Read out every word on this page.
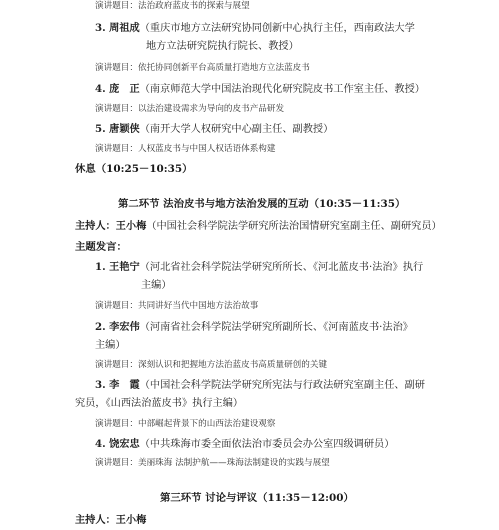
演讲题目：法治政府蓝皮书的探索与展望
3. 周祖成（重庆市地方立法研究协同创新中心执行主任，西南政法大学
地方立法研究院执行院长、教授）
演讲题目：依托协同创新平台高质量打造地方立法蓝皮书
4. 庞　正（南京师范大学中国法治现代化研究院皮书工作室主任、教授）
演讲题目：以法治建设需求为导向的皮书产品研发
5. 唐颖侠（南开大学人权研究中心副主任、副教授）
演讲题目：人权蓝皮书与中国人权话语体系构建
休息（10:25－10:35）
第二环节 法治皮书与地方法治发展的互动（10:35－11:35）
主持人：王小梅（中国社会科学院法学研究所法治国情研究室副主任、副研究员）
主题发言：
1. 王艳宁（河北省社会科学院法学研究所所长、《河北蓝皮书·法治》执行
主编）
演讲题目：共同讲好当代中国地方法治故事
2. 李宏伟（河南省社会科学院法学研究所副所长、《河南蓝皮书·法治》
主编）
演讲题目：深刻认识和把握地方法治蓝皮书高质量研创的关键
3. 李　霞（中国社会科学院法学研究所宪法与行政法研究室副主任、副研
究员，《山西法治蓝皮书》执行主编）
演讲题目：中部崛起背景下的山西法治建设观察
4. 饶宏忠（中共珠海市委全面依法治市委员会办公室四级调研员）
演讲题目：美丽珠海 法制护航——珠海法制建设的实践与展望
第三环节 讨论与评议（11:35－12:00）
主持人：王小梅
